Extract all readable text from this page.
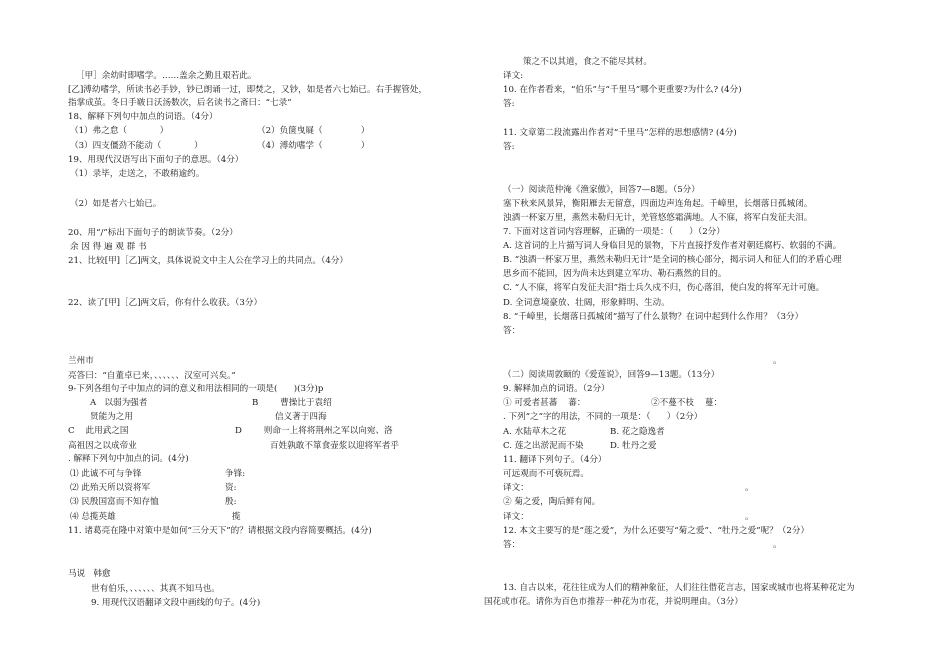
［甲］余幼时即嗜学。……盖余之勤且艰若此。
[乙]溥幼嗜学，所读书必手钞，钞已朗诵一过，即焚之，又钞，如是者六七始已。右手握管处，
指掌成茧。冬日手皲日沃汤数次，后名读书之斋曰：“七录”
18、解释下列句中加点的词语。（4分）
（1）弗之怠（            ）	（2）负箧曳屣（              ）
（3）四支僵劲不能动（            ）	（4）溥幼嗜学（              ）
19、用现代汉语写出下面句子的意思。（4分）
（1）录毕，走送之，不敢稍逾约。
（2）如是者六七始已。
20、用“/”标出下面句子的朗读节奏。（2分）
余 因 得 遍 观 群 书
21、比较[甲]［乙]两文，具体说说文中主人公在学习上的共同点。（4分）
22、读了[甲]［乙]两文后，你有什么收获。（3分）
兰州市
亮答曰：“自董卓已来，、、、、、、汉室可兴矣。”
9-下列各组句子中加点的词的意义和用法相同的一项是(      )(3分)p
A   以弱为强者	B        曹操比于袁绍
贤能为之用	信义著于四海
C    此用武之国	D        则命一上将将荆州之军以向宛、洛
高祖因之以成帝业	百姓孰敢不箪食壶浆以迎将军者乎
. 解释下列句中加点的词。(4分)
⑴ 此诚不可与争锋	争锋:
⑵ 此殆天所以资将军	资:
⑶ 民殷国富而不知存恤	殷:
⑷ 总揽英雄	揽
11. 诸葛亮在隆中对策中是如何“三分天下”的？请根据文段内容简要概括。(4分)
马说   韩愈
世有伯乐，、、、、、、其真不知马也。
9. 用现代汉语翻译文段中画线的句子。(4分)
策之不以其道，食之不能尽其材。
译文:
10. 在作者看来，“伯乐”与“千里马”哪个更重要?为什么? (4分)
答:
11. 文章第二段流露出作者对“千里马”怎样的思想感情? (4分)
答:
（一）阅读范仲淹《渔家傲》，回答7—8题。（5分）
塞下秋来风景异，衡阳雁去无留意，四面边声连角起。千嶂里，长烟落日孤城闭。
浊酒一杯家万里，燕然未勒归无计，羌管悠悠霜满地。人不寐，将军白发征夫泪。
7. 下面对这首词内容理解，正确的一项是：（      ）（2分）
A. 这首词的上片描写词人身临目见的景物，下片直接抒发作者对朝廷腐朽、软弱的不满。
B. “浊酒一杯家万里，燕然未勒归无计”是全词的核心部分，揭示词人和征人们的矛盾心理
思乡而不能回，因为尚未达到建立军功、勒石燕然的目的。
C. “人不寐，将军白发征夫泪”指士兵久戍不归，伤心落泪，使白发的将军无计可施。
D. 全词意境豪放、壮阔，形象鲜明、生动。
8. “千嶂里，长烟落日孤城闭”描写了什么景物？在词中起到什么作用？（3分）
答：
。
（二）阅读周敦颐的《爱莲说》，回答9—13题。（13分）
9. 解释加点的词语。（2分）
① 可爱者甚蕃    蕃：	②不蔓不枝    蔓：
. 下列“之”字的用法，不同的一项是：（      ）（2分）
A. 水陆草木之花	B. 花之隐逸者
C. 莲之出淤泥而不染	D. 牡丹之爱
11. 翻译下列句子。（4分）
可远观而不可亵玩焉。
译文：	。
② 菊之爱，陶后鲜有闻。
译文：	。
12. 本文主要写的是“莲之爱”，为什么还要写“菊之爱”、“牡丹之爱”呢？（2分）
答：	。
13. 自古以来，花往往成为人们的精神象征，人们往往借花言志，国家或城市也将某种花定为
国花或市花。请你为百色市推荐一种花为市花，并说明理由。（3分）
